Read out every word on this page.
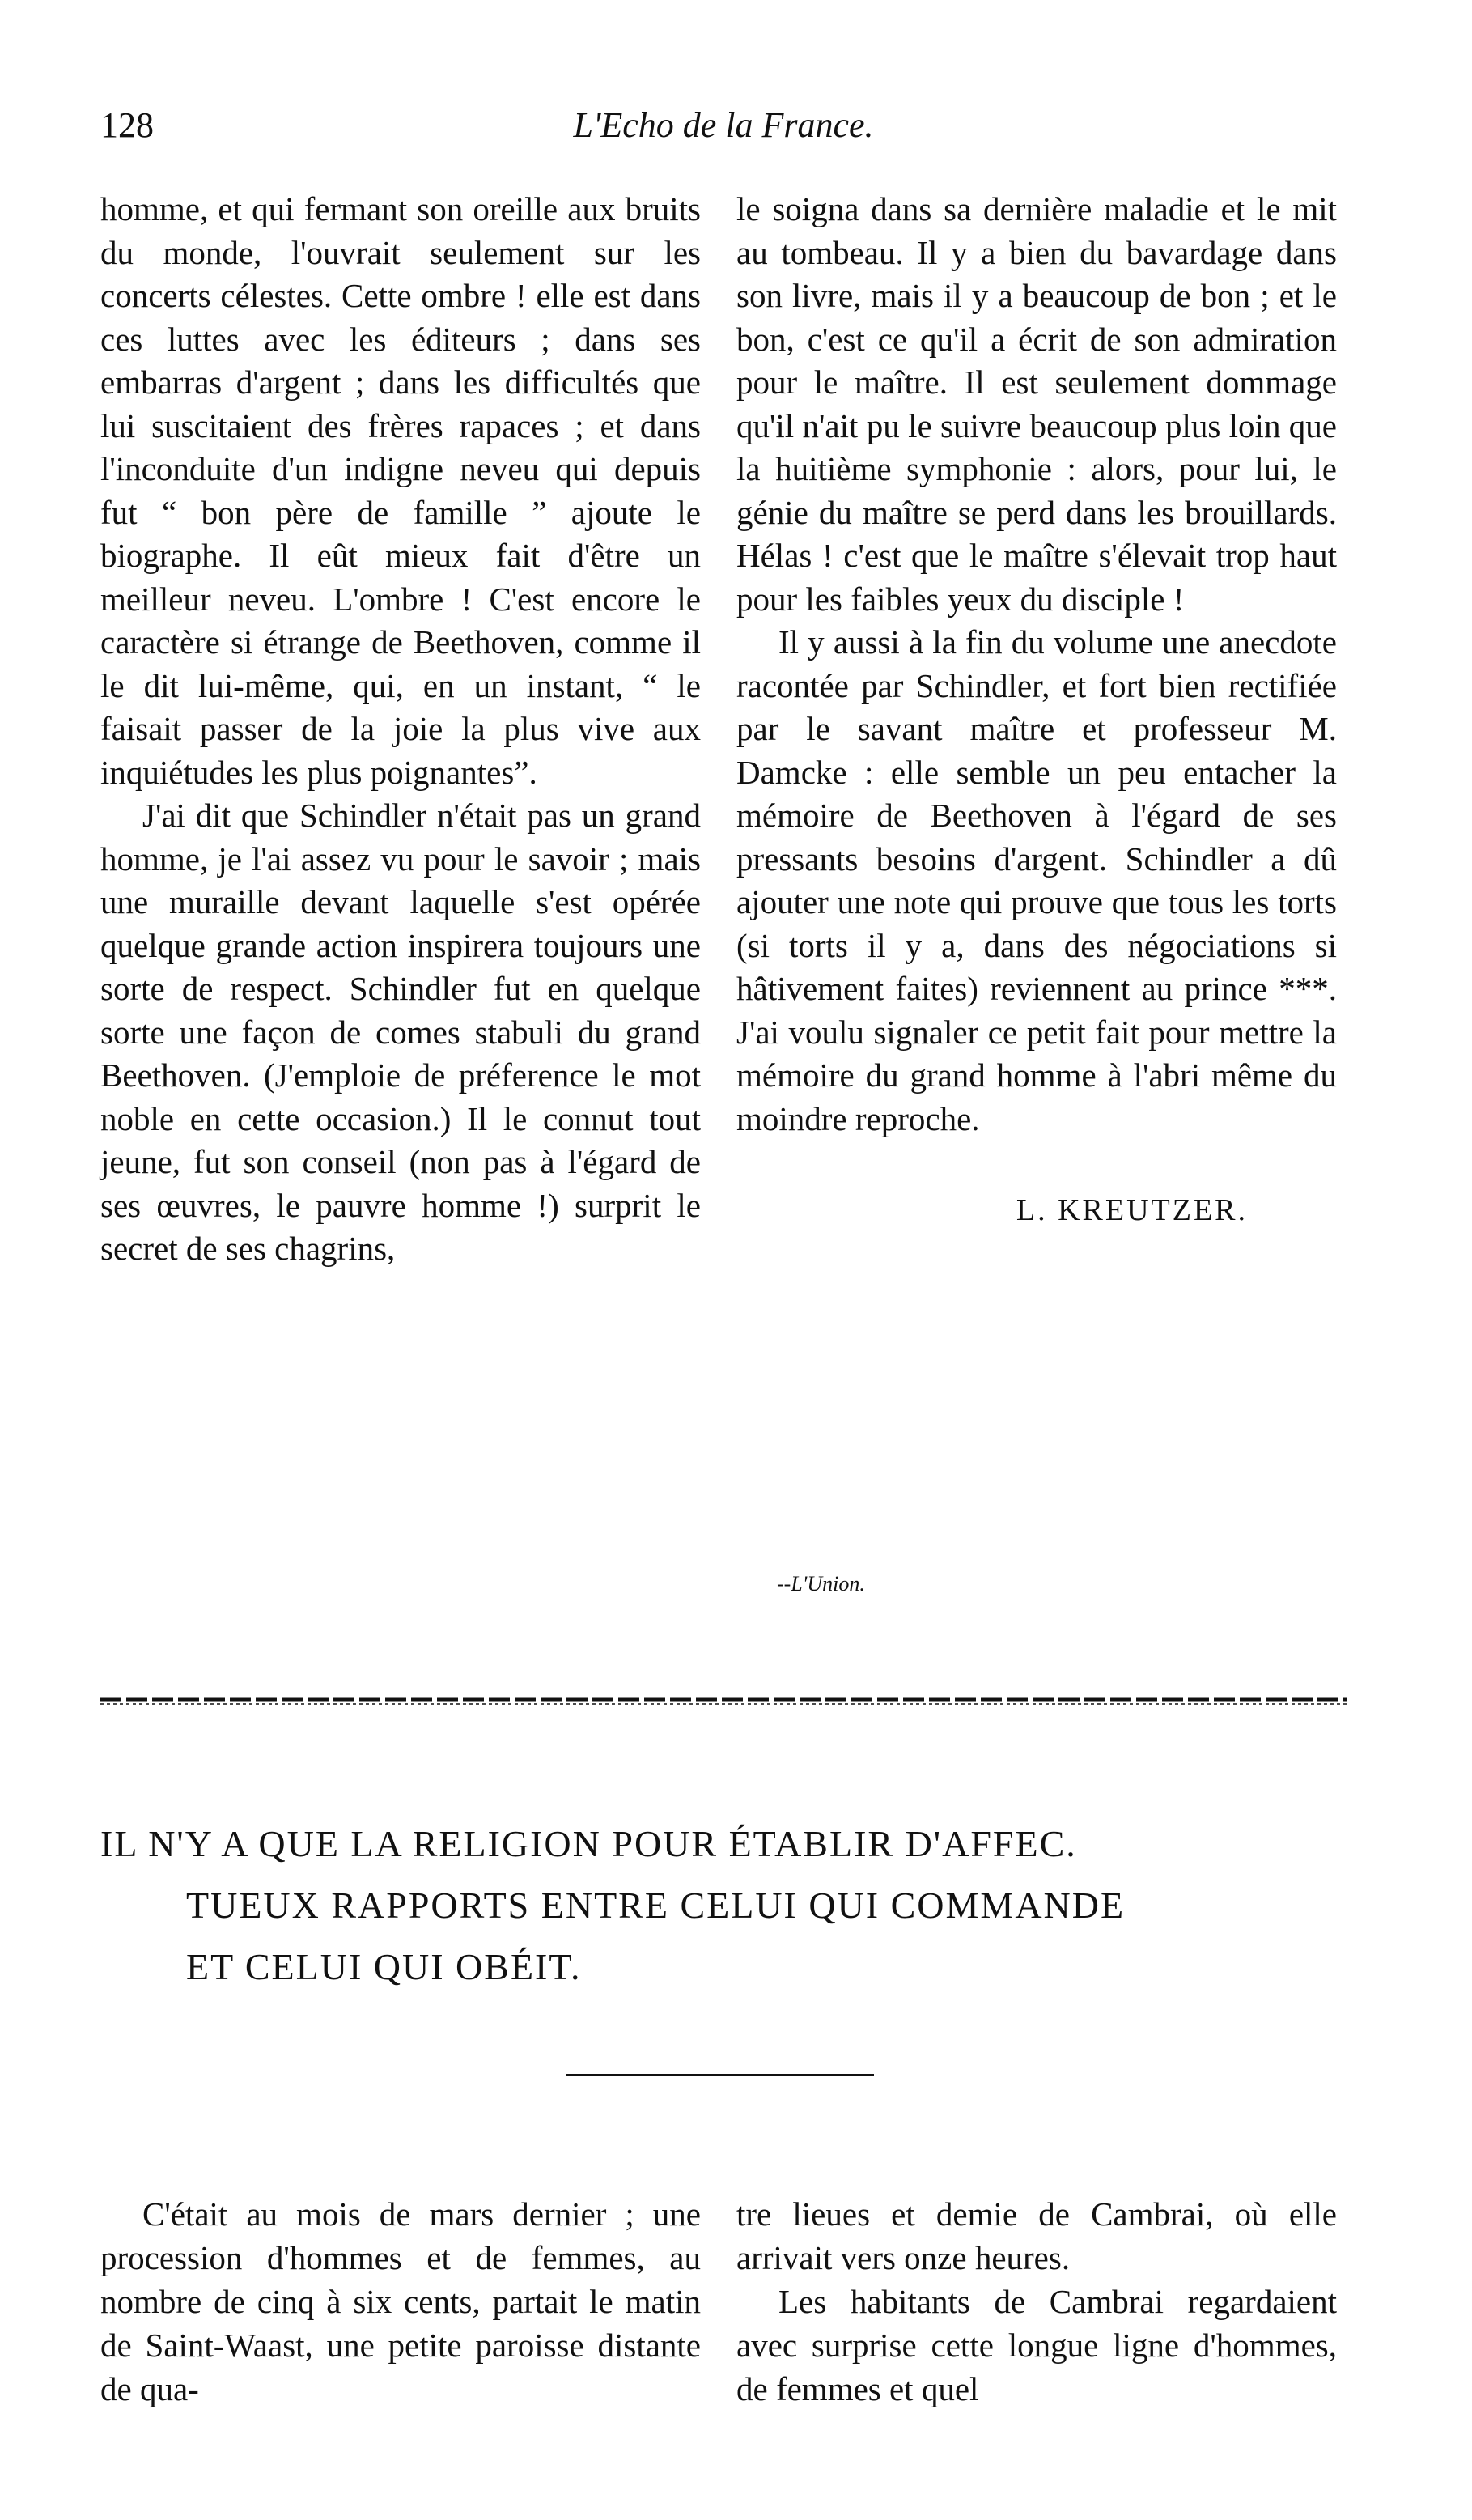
128	L'Echo de la France.

homme, et qui fermant son oreille aux bruits du monde, l'ouvrait seulement sur les concerts célestes. Cette ombre ! elle est dans ces luttes avec les éditeurs ; dans ses embarras d'argent ; dans les difficultés que lui suscitaient des frères rapaces ; et dans l'inconduite d'un indigne neveu qui depuis fut “ bon père de famille ” ajoute le biographe. Il eût mieux fait d'être un meilleur neveu. L'ombre ! C'est encore le caractère si étrange de Beethoven, comme il le dit lui-même, qui, en un instant, “ le faisait passer de la joie la plus vive aux inquiétudes les plus poignantes”.

J'ai dit que Schindler n'était pas un grand homme, je l'ai assez vu pour le savoir ; mais une muraille devant laquelle s'est opérée quelque grande action inspirera toujours une sorte de respect. Schindler fut en quelque sorte une façon de comes stabuli du grand Beethoven. (J'emploie de préference le mot noble en cette occasion.) Il le connut tout jeune, fut son conseil (non pas à l'égard de ses œuvres, le pauvre homme !) surprit le secret de ses chagrins,

le soigna dans sa dernière maladie et le mit au tombeau. Il y a bien du bavardage dans son livre, mais il y a beaucoup de bon ; et le bon, c'est ce qu'il a écrit de son admiration pour le maître. Il est seulement dommage qu'il n'ait pu le suivre beaucoup plus loin que la huitième symphonie : alors, pour lui, le génie du maître se perd dans les brouillards. Hélas ! c'est que le maître s'élevait trop haut pour les faibles yeux du disciple !

Il y aussi à la fin du volume une anecdote racontée par Schindler, et fort bien rectifiée par le savant maître et professeur M. Damcke : elle semble un peu entacher la mémoire de Beethoven à l'égard de ses pressants besoins d'argent. Schindler a dû ajouter une note qui prouve que tous les torts (si torts il y a, dans des négociations si hâtivement faites) reviennent au prince ***. J'ai voulu signaler ce petit fait pour mettre la mémoire du grand homme à l'abri même du moindre reproche.

L. KREUTZER.
--L'Union.
IL N'Y A QUE LA RELIGION POUR ÉTABLIR D'AFFEC.
TUEUX RAPPORTS ENTRE CELUI QUI COMMANDE
ET CELUI QUI OBÉIT.

C'était au mois de mars dernier ; une procession d'hommes et de femmes, au nombre de cinq à six cents, partait le matin de Saint-Waast, une petite paroisse distante de qua-

tre lieues et demie de Cambrai, où elle arrivait vers onze heures.

Les habitants de Cambrai regardaient avec surprise cette longue ligne d'hommes, de femmes et quel
